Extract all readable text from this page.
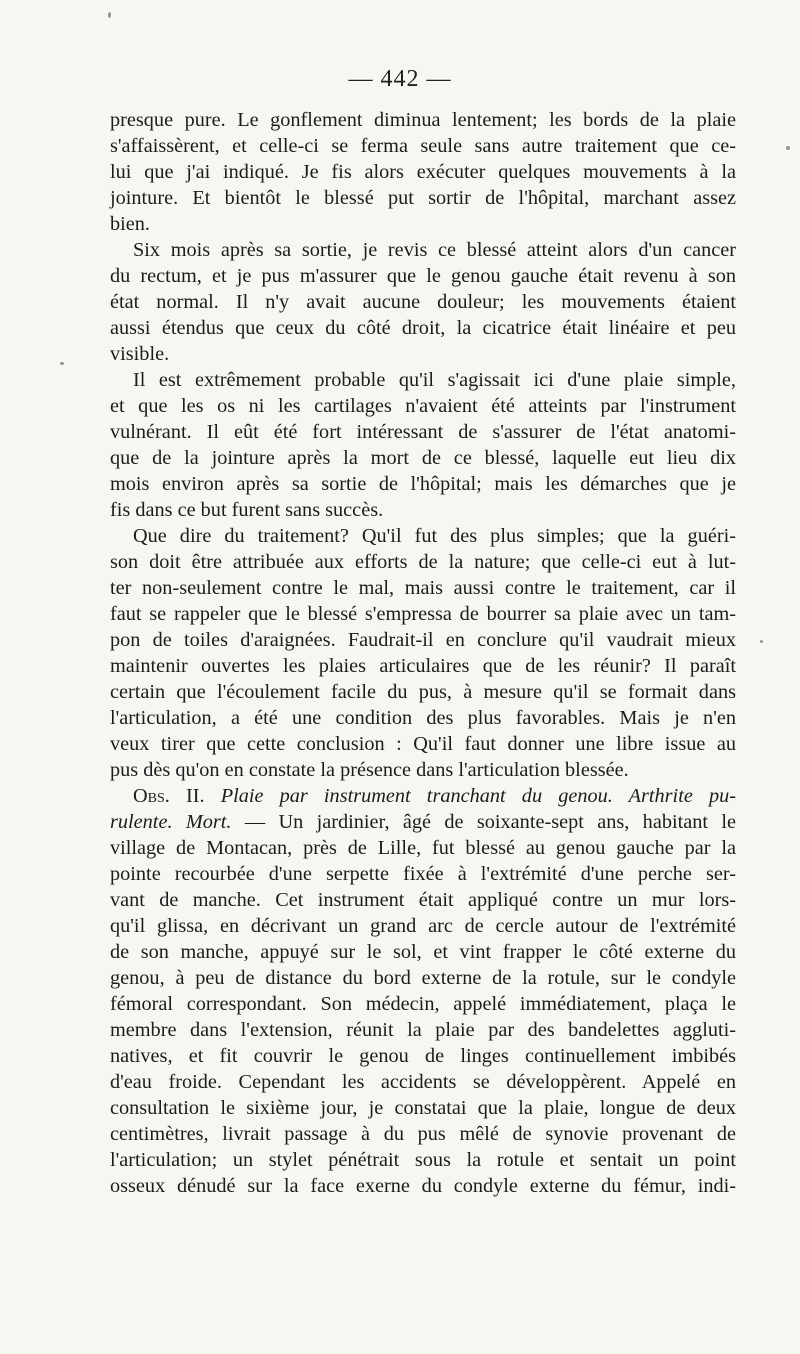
— 442 —
presque pure. Le gonflement diminua lentement; les bords de la plaie
s'affaissèrent, et celle-ci se ferma seule sans autre traitement que ce-
lui que j'ai indiqué. Je fis alors exécuter quelques mouvements à la
jointure. Et bientôt le blessé put sortir de l'hôpital, marchant assez
bien.
Six mois après sa sortie, je revis ce blessé atteint alors d'un cancer
du rectum, et je pus m'assurer que le genou gauche était revenu à son
état normal. Il n'y avait aucune douleur; les mouvements étaient
aussi étendus que ceux du côté droit, la cicatrice était linéaire et peu
visible.
Il est extrêmement probable qu'il s'agissait ici d'une plaie simple,
et que les os ni les cartilages n'avaient été atteints par l'instrument
vulnérant. Il eût été fort intéressant de s'assurer de l'état anatomi-
que de la jointure après la mort de ce blessé, laquelle eut lieu dix
mois environ après sa sortie de l'hôpital; mais les démarches que je
fis dans ce but furent sans succès.
Que dire du traitement? Qu'il fut des plus simples; que la guéri-
son doit être attribuée aux efforts de la nature; que celle-ci eut à lut-
ter non-seulement contre le mal, mais aussi contre le traitement, car il
faut se rappeler que le blessé s'empressa de bourrer sa plaie avec un tam-
pon de toiles d'araignées. Faudrait-il en conclure qu'il vaudrait mieux
maintenir ouvertes les plaies articulaires que de les réunir? Il paraît
certain que l'écoulement facile du pus, à mesure qu'il se formait dans
l'articulation, a été une condition des plus favorables. Mais je n'en
veux tirer que cette conclusion : Qu'il faut donner une libre issue au
pus dès qu'on en constate la présence dans l'articulation blessée.
Obs. II. Plaie par instrument tranchant du genou. Arthrite pu-
rulente. Mort. — Un jardinier, âgé de soixante-sept ans, habitant le
village de Montacan, près de Lille, fut blessé au genou gauche par la
pointe recourbée d'une serpette fixée à l'extrémité d'une perche ser-
vant de manche. Cet instrument était appliqué contre un mur lors-
qu'il glissa, en décrivant un grand arc de cercle autour de l'extrémité
de son manche, appuyé sur le sol, et vint frapper le côté externe du
genou, à peu de distance du bord externe de la rotule, sur le condyle
fémoral correspondant. Son médecin, appelé immédiatement, plaça le
membre dans l'extension, réunit la plaie par des bandelettes aggluti-
natives, et fit couvrir le genou de linges continuellement imbibés
d'eau froide. Cependant les accidents se développèrent. Appelé en
consultation le sixième jour, je constatai que la plaie, longue de deux
centimètres, livrait passage à du pus mêlé de synovie provenant de
l'articulation; un stylet pénétrait sous la rotule et sentait un point
osseux dénudé sur la face exerne du condyle externe du fémur, indi-
